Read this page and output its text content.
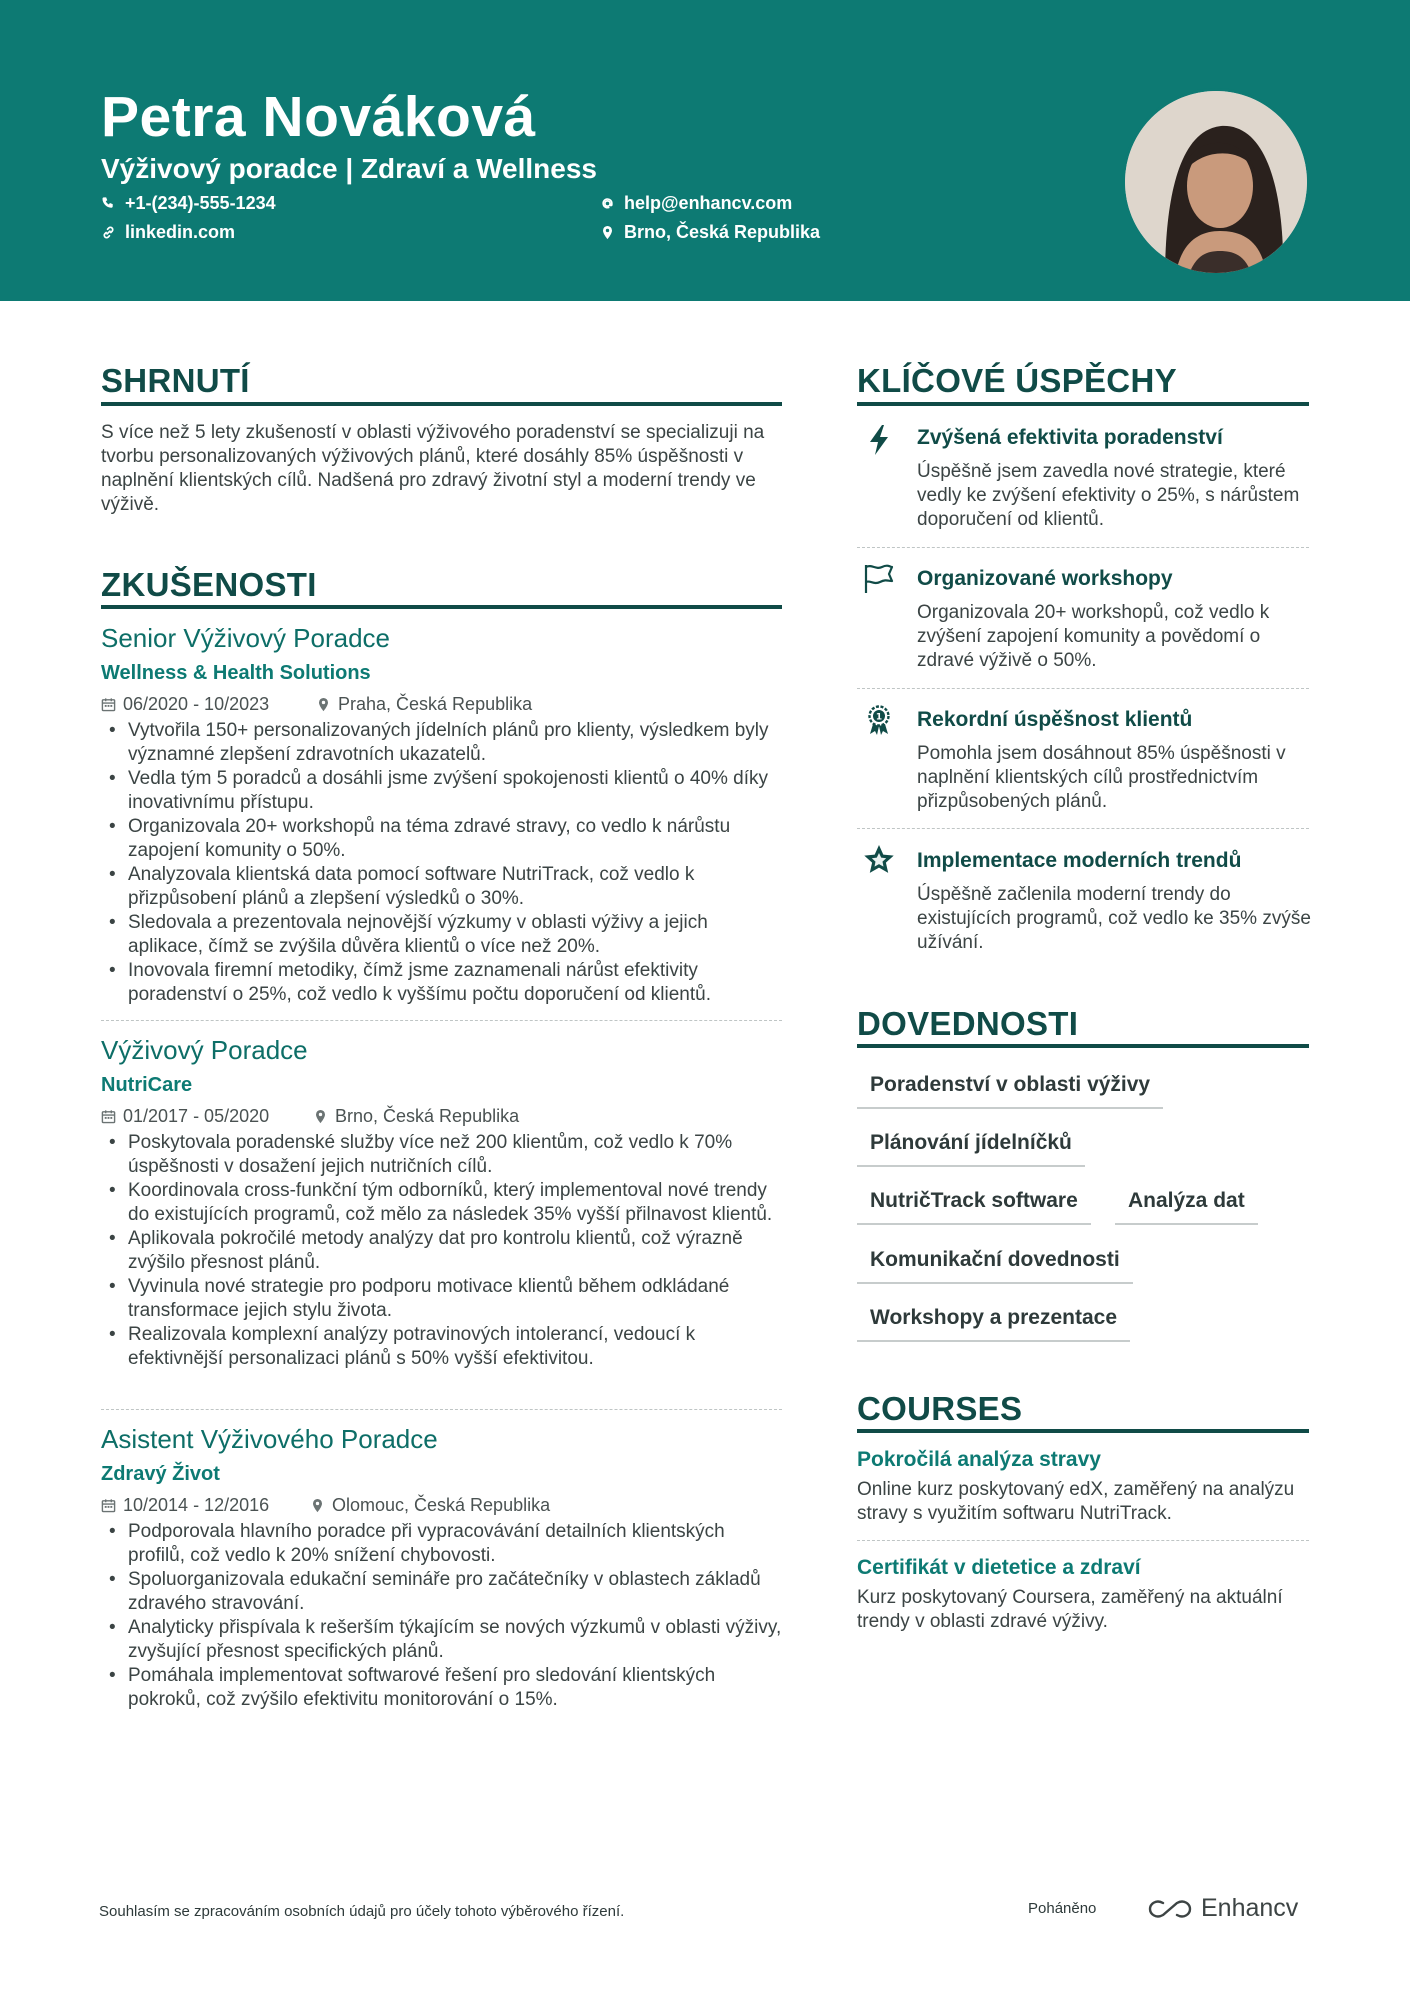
Petra Nováková
Výživový poradce | Zdraví a Wellness
+1-(234)-555-1234	help@enhancv.com
linkedin.com	Brno, Česká Republika
SHRNUTÍ
S více než 5 lety zkušeností v oblasti výživového poradenství se specializuji na tvorbu personalizovaných výživových plánů, které dosáhly 85% úspěšnosti v naplnění klientských cílů. Nadšená pro zdravý životní styl a moderní trendy ve výživě.
ZKUŠENOSTI
Senior Výživový Poradce
Wellness & Health Solutions
06/2020 - 10/2023	Praha, Česká Republika
• Vytvořila 150+ personalizovaných jídelních plánů pro klienty, výsledkem byly významné zlepšení zdravotních ukazatelů.
• Vedla tým 5 poradců a dosáhli jsme zvýšení spokojenosti klientů o 40% díky inovativnímu přístupu.
• Organizovala 20+ workshopů na téma zdravé stravy, co vedlo k nárůstu zapojení komunity o 50%.
• Analyzovala klientská data pomocí software NutriTrack, což vedlo k přizpůsobení plánů a zlepšení výsledků o 30%.
• Sledovala a prezentovala nejnovější výzkumy v oblasti výživy a jejich aplikace, čímž se zvýšila důvěra klientů o více než 20%.
• Inovovala firemní metodiky, čímž jsme zaznamenali nárůst efektivity poradenství o 25%, což vedlo k vyššímu počtu doporučení od klientů.
Výživový Poradce
NutriCare
01/2017 - 05/2020	Brno, Česká Republika
• Poskytovala poradenské služby více než 200 klientům, což vedlo k 70% úspěšnosti v dosažení jejich nutričních cílů.
• Koordinovala cross-funkční tým odborníků, který implementoval nové trendy do existujících programů, což mělo za následek 35% vyšší přilnavost klientů.
• Aplikovala pokročilé metody analýzy dat pro kontrolu klientů, což výrazně zvýšilo přesnost plánů.
• Vyvinula nové strategie pro podporu motivace klientů během odkládané transformace jejich stylu života.
• Realizovala komplexní analýzy potravinových intolerancí, vedoucí k efektivnější personalizaci plánů s 50% vyšší efektivitou.
Asistent Výživového Poradce
Zdravý Život
10/2014 - 12/2016	Olomouc, Česká Republika
• Podporovala hlavního poradce při vypracovávání detailních klientských profilů, což vedlo k 20% snížení chybovosti.
• Spoluorganizovala edukační semináře pro začátečníky v oblastech základů zdravého stravování.
• Analyticky přispívala k rešerším týkajícím se nových výzkumů v oblasti výživy, zvyšující přesnost specifických plánů.
• Pomáhala implementovat softwarové řešení pro sledování klientských pokroků, což zvýšilo efektivitu monitorování o 15%.
KLÍČOVÉ ÚSPĚCHY
Zvýšená efektivita poradenství
Úspěšně jsem zavedla nové strategie, které vedly ke zvýšení efektivity o 25%, s nárůstem doporučení od klientů.
Organizované workshopy
Organizovala 20+ workshopů, což vedlo k zvýšení zapojení komunity a povědomí o zdravé výživě o 50%.
1 Rekordní úspěšnost klientů
Pomohla jsem dosáhnout 85% úspěšnosti v naplnění klientských cílů prostřednictvím přizpůsobených plánů.
Implementace moderních trendů
Úspěšně začlenila moderní trendy do existujících programů, což vedlo ke 35% zvýše užívání.
DOVEDNOSTI
Poradenství v oblasti výživy
Plánování jídelníčků
NutričTrack software	Analýza dat
Komunikační dovednosti
Workshopy a prezentace
COURSES
Pokročilá analýza stravy
Online kurz poskytovaný edX, zaměřený na analýzu stravy s využitím softwaru NutriTrack.
Certifikát v dietetice a zdraví
Kurz poskytovaný Coursera, zaměřený na aktuální trendy v oblasti zdravé výživy.
Souhlasím se zpracováním osobních údajů pro účely tohoto výběrového řízení.	Poháněno	Enhancv
